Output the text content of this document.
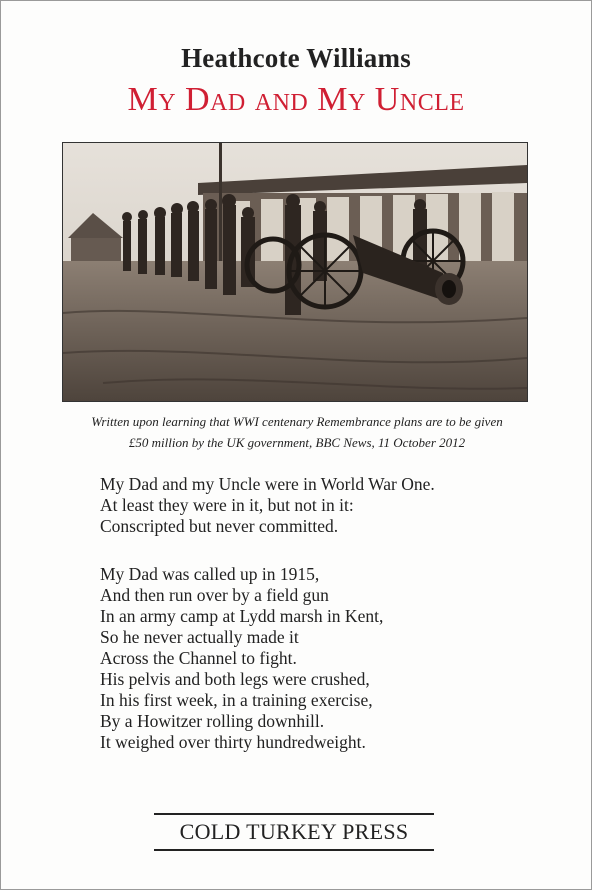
Heathcote Williams
My Dad and My Uncle
Written upon learning that WWI centenary Remembrance plans are to be given
£50 million by the UK government, BBC News, 11 October 2012
My Dad and my Uncle were in World War One.
At least they were in it, but not in it:
Conscripted but never committed.
My Dad was called up in 1915,
And then run over by a field gun
In an army camp at Lydd marsh in Kent,
So he never actually made it
Across the Channel to fight.
His pelvis and both legs were crushed,
In his first week, in a training exercise,
By a Howitzer rolling downhill.
It weighed over thirty hundredweight.
COLD TURKEY PRESS
